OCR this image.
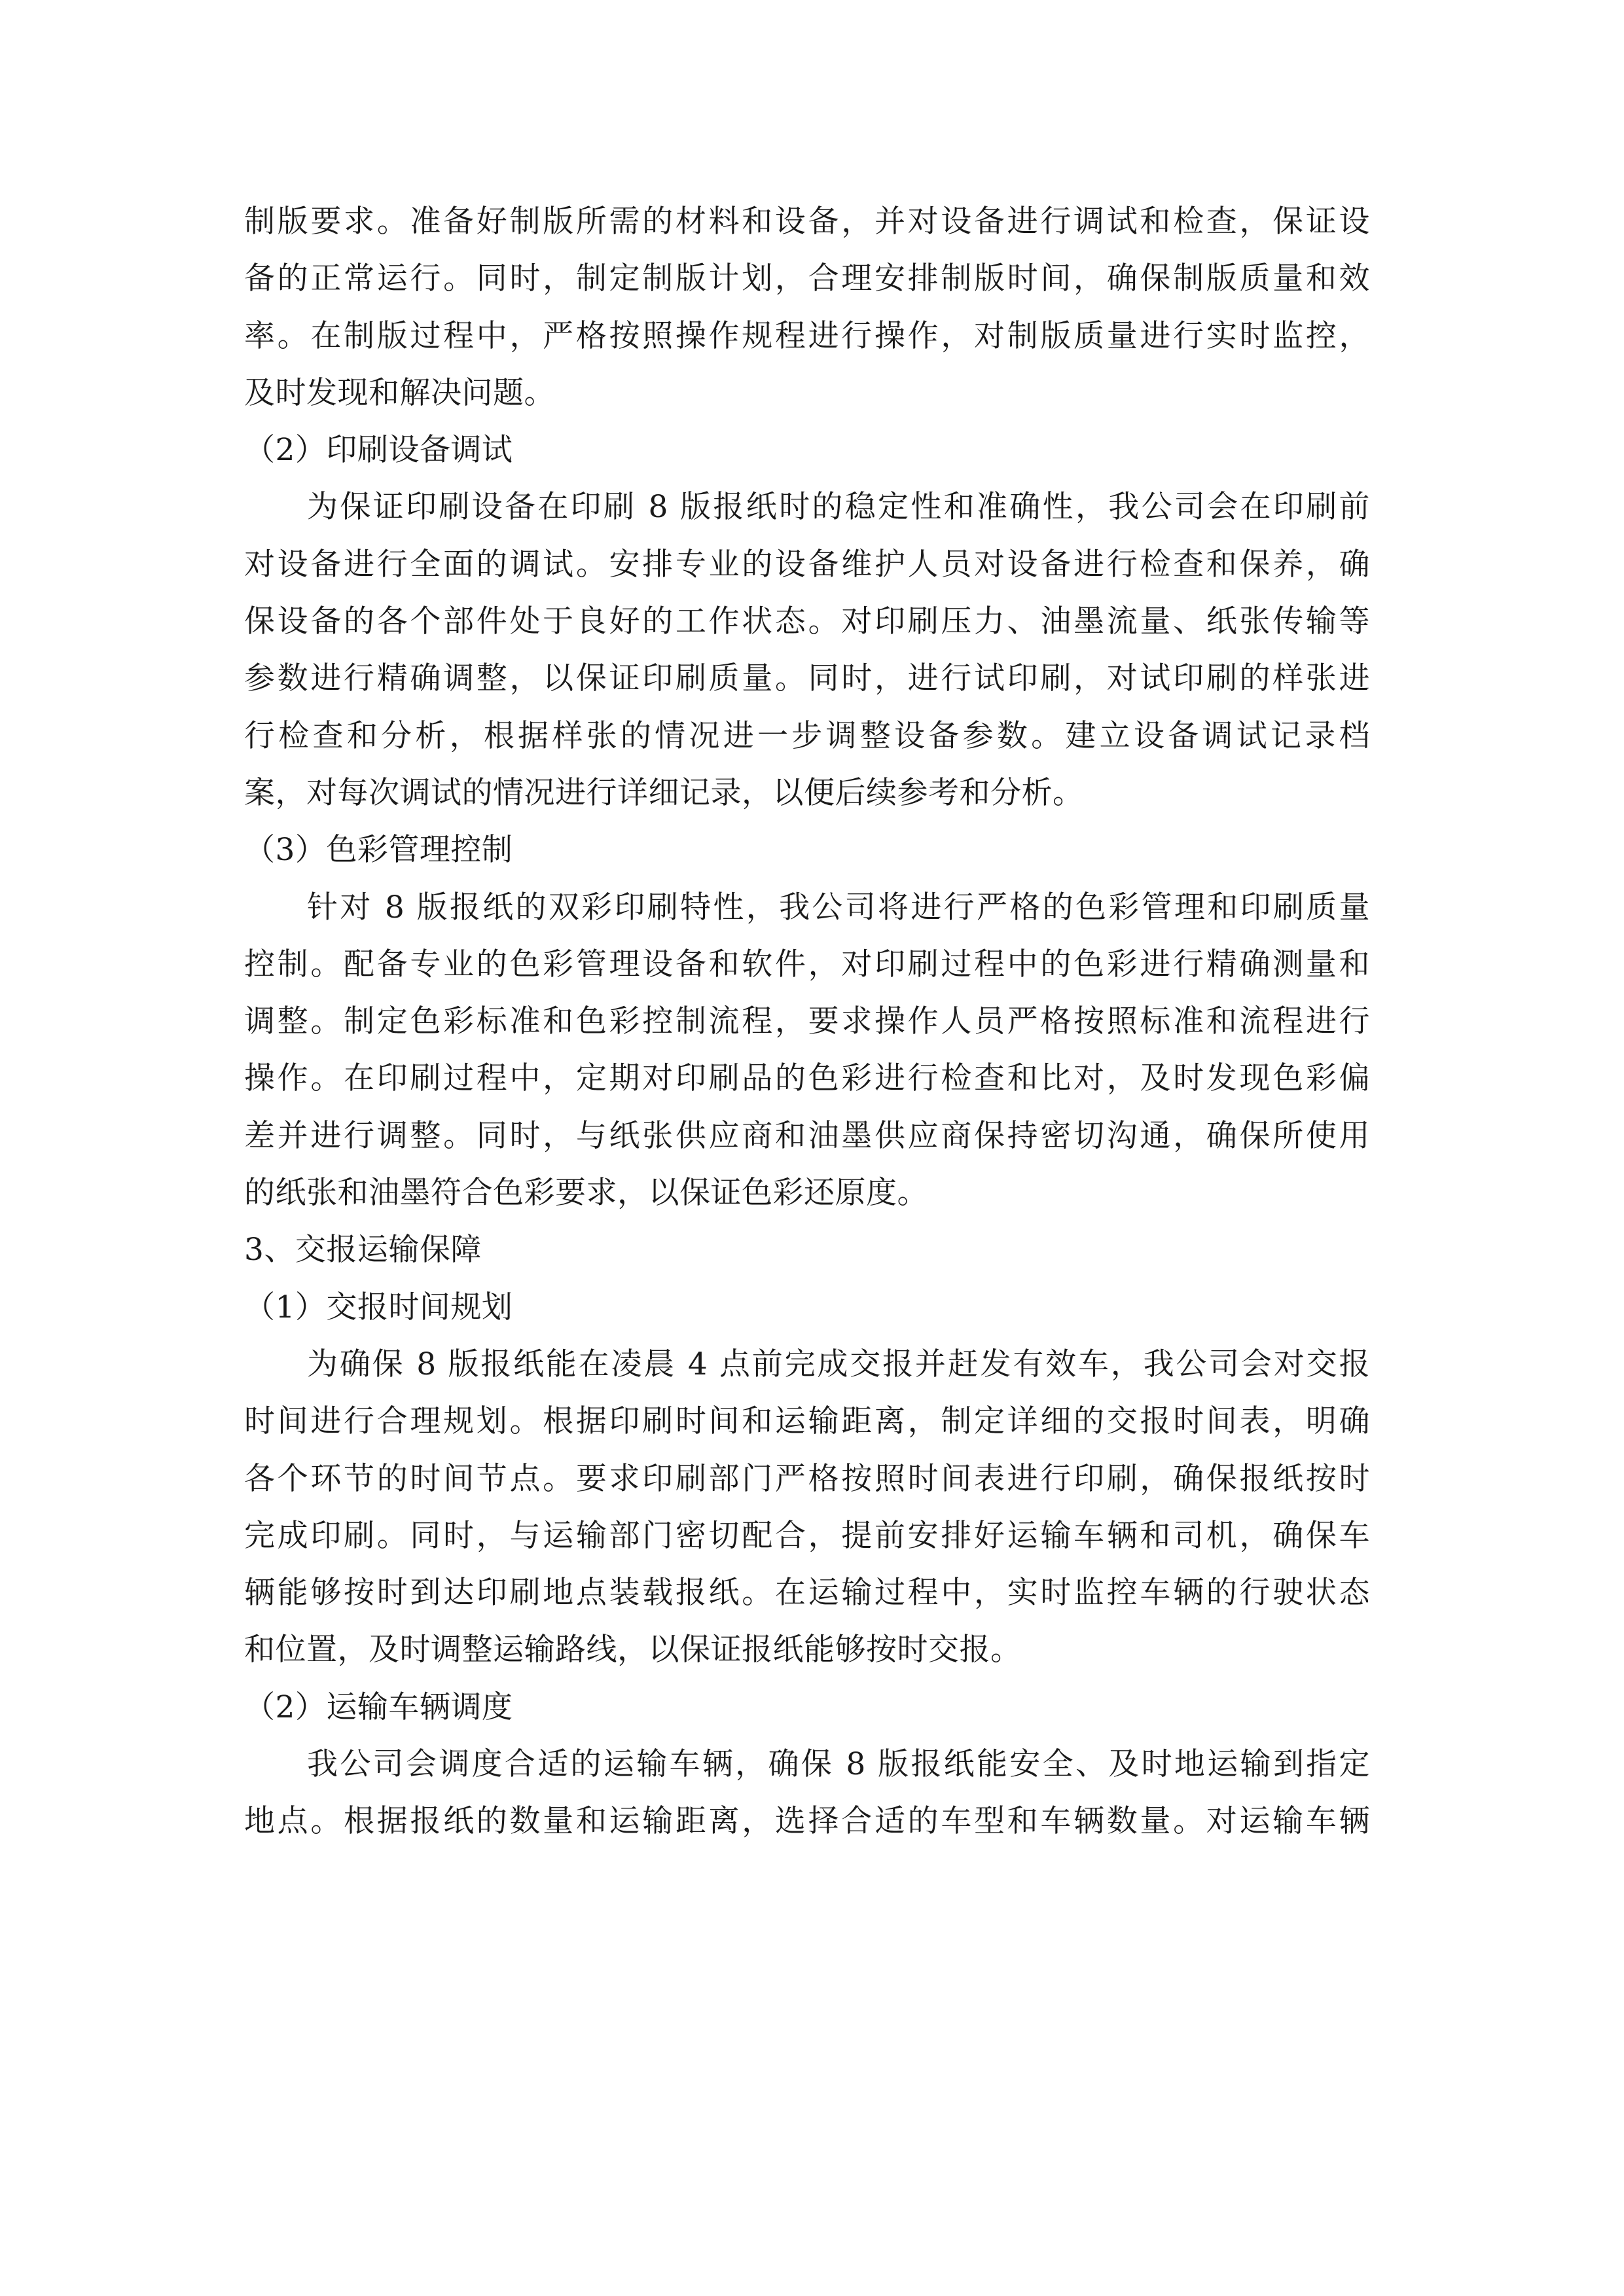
制版要求。准备好制版所需的材料和设备，并对设备进行调试和检查，保证设
备的正常运行。同时，制定制版计划，合理安排制版时间，确保制版质量和效
率。在制版过程中，严格按照操作规程进行操作，对制版质量进行实时监控，
及时发现和解决问题。
（2）印刷设备调试
为保证印刷设备在印刷 8 版报纸时的稳定性和准确性，我公司会在印刷前
对设备进行全面的调试。安排专业的设备维护人员对设备进行检查和保养，确
保设备的各个部件处于良好的工作状态。对印刷压力、油墨流量、纸张传输等
参数进行精确调整，以保证印刷质量。同时，进行试印刷，对试印刷的样张进
行检查和分析，根据样张的情况进一步调整设备参数。建立设备调试记录档
案，对每次调试的情况进行详细记录，以便后续参考和分析。
（3）色彩管理控制
针对 8 版报纸的双彩印刷特性，我公司将进行严格的色彩管理和印刷质量
控制。配备专业的色彩管理设备和软件，对印刷过程中的色彩进行精确测量和
调整。制定色彩标准和色彩控制流程，要求操作人员严格按照标准和流程进行
操作。在印刷过程中，定期对印刷品的色彩进行检查和比对，及时发现色彩偏
差并进行调整。同时，与纸张供应商和油墨供应商保持密切沟通，确保所使用
的纸张和油墨符合色彩要求，以保证色彩还原度。
3、交报运输保障
（1）交报时间规划
为确保 8 版报纸能在凌晨 4 点前完成交报并赶发有效车，我公司会对交报
时间进行合理规划。根据印刷时间和运输距离，制定详细的交报时间表，明确
各个环节的时间节点。要求印刷部门严格按照时间表进行印刷，确保报纸按时
完成印刷。同时，与运输部门密切配合，提前安排好运输车辆和司机，确保车
辆能够按时到达印刷地点装载报纸。在运输过程中，实时监控车辆的行驶状态
和位置，及时调整运输路线，以保证报纸能够按时交报。
（2）运输车辆调度
我公司会调度合适的运输车辆，确保 8 版报纸能安全、及时地运输到指定
地点。根据报纸的数量和运输距离，选择合适的车型和车辆数量。对运输车辆
